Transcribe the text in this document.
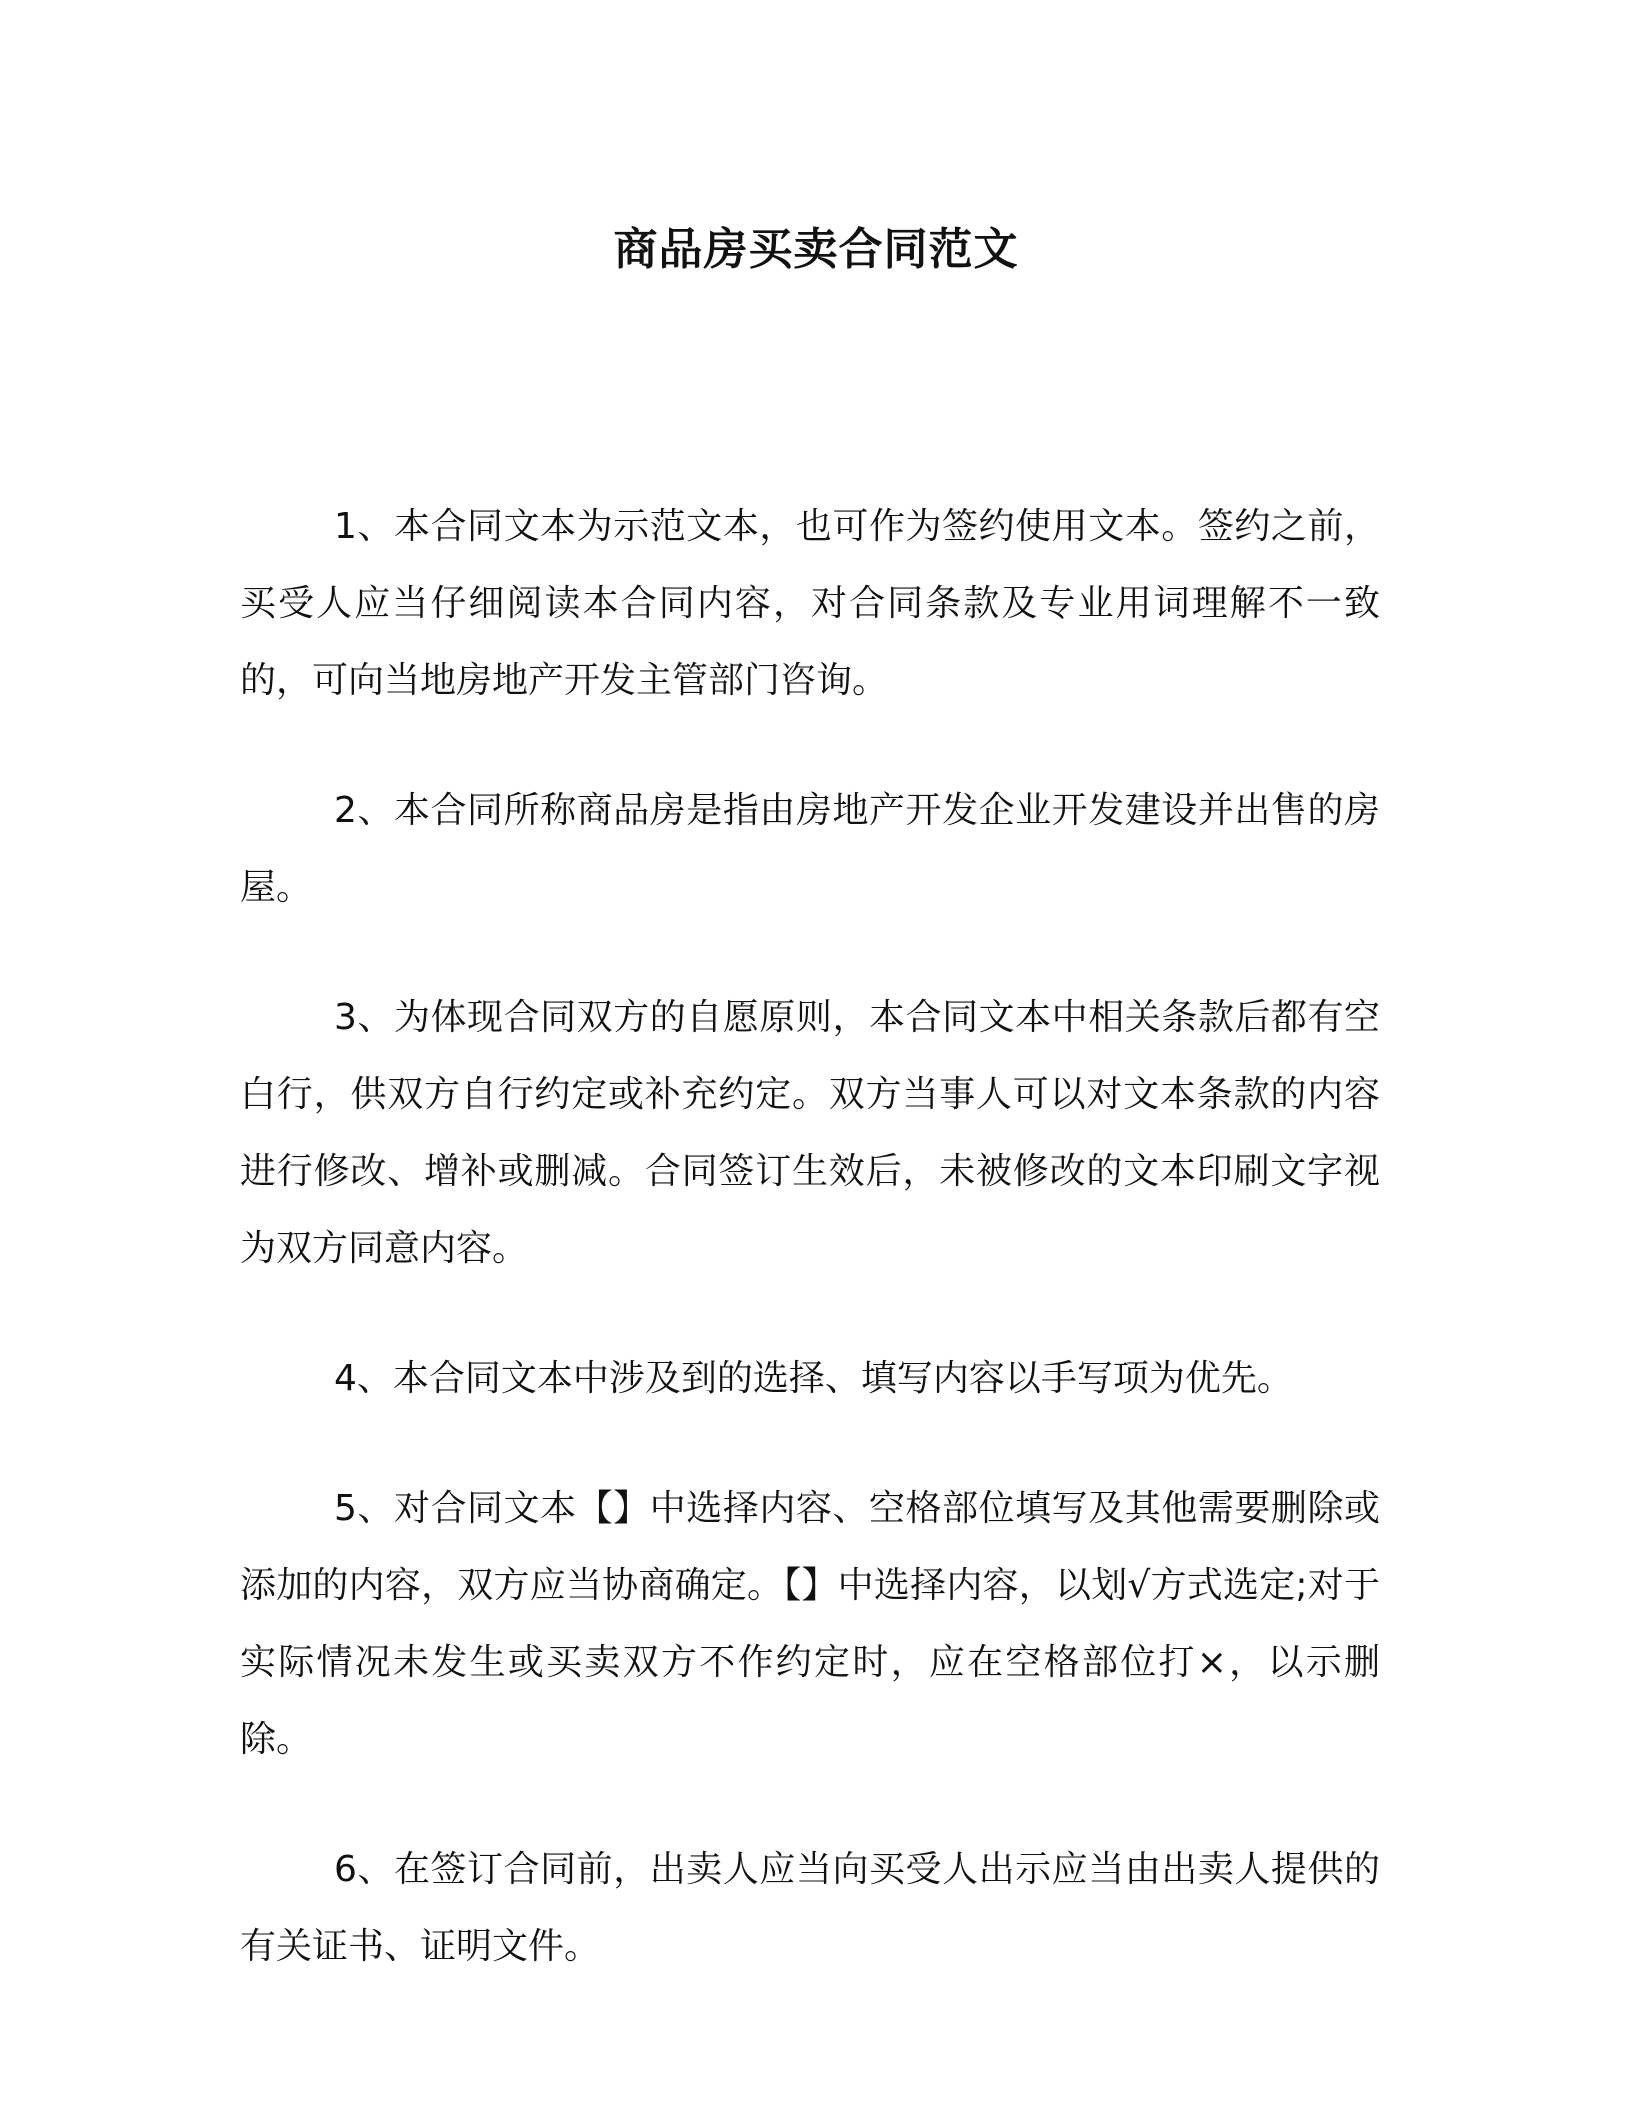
商品房买卖合同范文

1、本合同文本为示范文本，也可作为签约使用文本。签约之前，买受人应当仔细阅读本合同内容，对合同条款及专业用词理解不一致的，可向当地房地产开发主管部门咨询。

2、本合同所称商品房是指由房地产开发企业开发建设并出售的房屋。

3、为体现合同双方的自愿原则，本合同文本中相关条款后都有空白行，供双方自行约定或补充约定。双方当事人可以对文本条款的内容进行修改、增补或删减。合同签订生效后，未被修改的文本印刷文字视为双方同意内容。

4、本合同文本中涉及到的选择、填写内容以手写项为优先。

5、对合同文本【】中选择内容、空格部位填写及其他需要删除或添加的内容，双方应当协商确定。【】中选择内容，以划√方式选定;对于实际情况未发生或买卖双方不作约定时，应在空格部位打×，以示删除。

6、在签订合同前，出卖人应当向买受人出示应当由出卖人提供的有关证书、证明文件。
